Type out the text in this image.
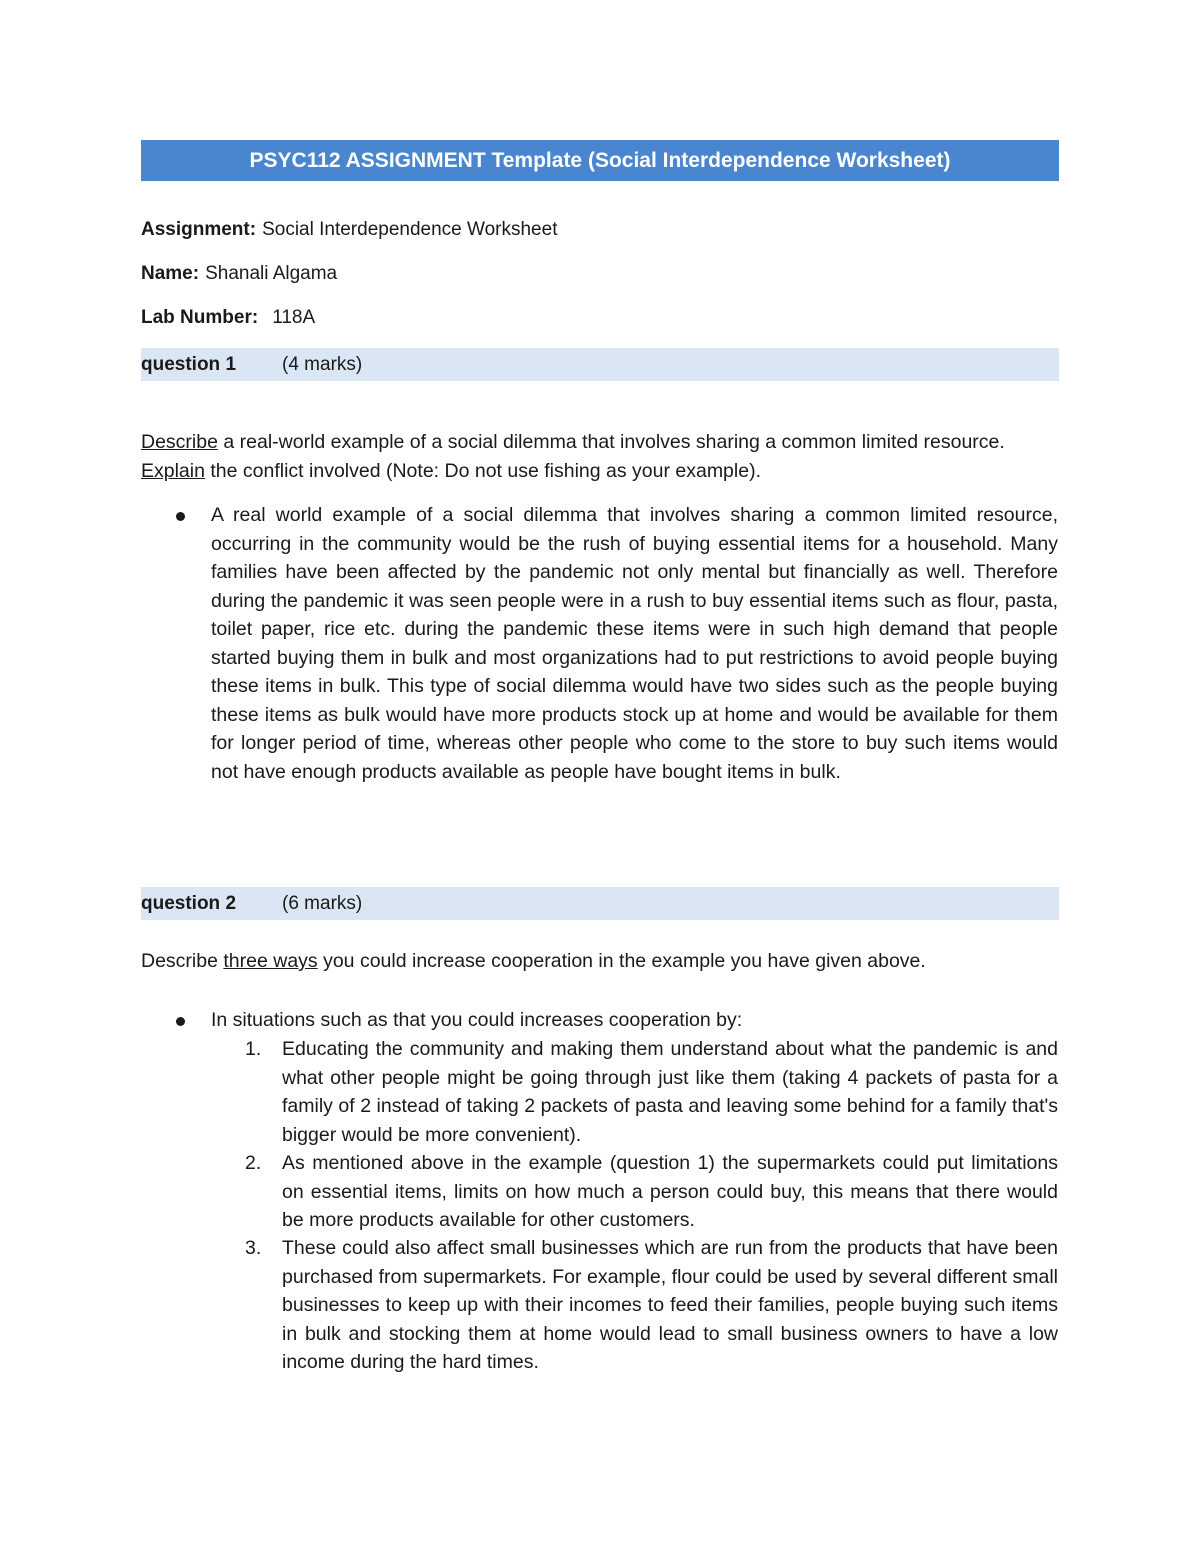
PSYC112 ASSIGNMENT Template (Social Interdependence Worksheet)
Assignment: Social Interdependence Worksheet
Name: Shanali Algama
Lab Number: 118A
question 1	(4 marks)
Describe a real-world example of a social dilemma that involves sharing a common limited resource. Explain the conflict involved (Note: Do not use fishing as your example).
A real world example of a social dilemma that involves sharing a common limited resource, occurring in the community would be the rush of buying essential items for a household. Many families have been affected by the pandemic not only mental but financially as well. Therefore during the pandemic it was seen people were in a rush to buy essential items such as flour, pasta, toilet paper, rice etc. during the pandemic these items were in such high demand that people started buying them in bulk and most organizations had to put restrictions to avoid people buying these items in bulk. This type of social dilemma would have two sides such as the people buying these items as bulk would have more products stock up at home and would be available for them for longer period of time, whereas other people who come to the store to buy such items would not have enough products available as people have bought items in bulk.
question 2	(6 marks)
Describe three ways you could increase cooperation in the example you have given above.
In situations such as that you could increases cooperation by:
1. Educating the community and making them understand about what the pandemic is and what other people might be going through just like them (taking 4 packets of pasta for a family of 2 instead of taking 2 packets of pasta and leaving some behind for a family that's bigger would be more convenient).
2. As mentioned above in the example (question 1) the supermarkets could put limitations on essential items, limits on how much a person could buy, this means that there would be more products available for other customers.
3. These could also affect small businesses which are run from the products that have been purchased from supermarkets. For example, flour could be used by several different small businesses to keep up with their incomes to feed their families, people buying such items in bulk and stocking them at home would lead to small business owners to have a low income during the hard times.
